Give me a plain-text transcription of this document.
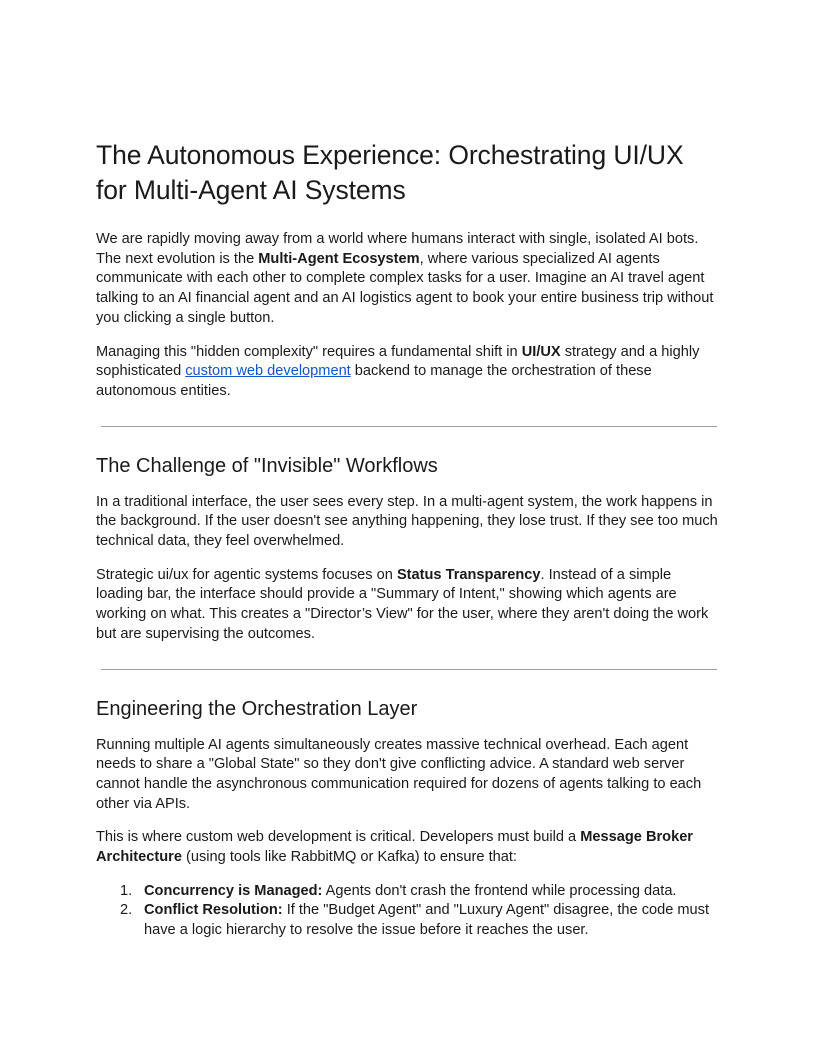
The Autonomous Experience: Orchestrating UI/UX for Multi-Agent AI Systems

We are rapidly moving away from a world where humans interact with single, isolated AI bots. The next evolution is the Multi-Agent Ecosystem, where various specialized AI agents communicate with each other to complete complex tasks for a user. Imagine an AI travel agent talking to an AI financial agent and an AI logistics agent to book your entire business trip without you clicking a single button.

Managing this "hidden complexity" requires a fundamental shift in UI/UX strategy and a highly sophisticated custom web development backend to manage the orchestration of these autonomous entities.

The Challenge of "Invisible" Workflows

In a traditional interface, the user sees every step. In a multi-agent system, the work happens in the background. If the user doesn't see anything happening, they lose trust. If they see too much technical data, they feel overwhelmed.

Strategic ui/ux for agentic systems focuses on Status Transparency. Instead of a simple loading bar, the interface should provide a "Summary of Intent," showing which agents are working on what. This creates a "Director’s View" for the user, where they aren't doing the work but are supervising the outcomes.

Engineering the Orchestration Layer

Running multiple AI agents simultaneously creates massive technical overhead. Each agent needs to share a "Global State" so they don't give conflicting advice. A standard web server cannot handle the asynchronous communication required for dozens of agents talking to each other via APIs.

This is where custom web development is critical. Developers must build a Message Broker Architecture (using tools like RabbitMQ or Kafka) to ensure that:

1. Concurrency is Managed: Agents don't crash the frontend while processing data.
2. Conflict Resolution: If the "Budget Agent" and "Luxury Agent" disagree, the code must have a logic hierarchy to resolve the issue before it reaches the user.
